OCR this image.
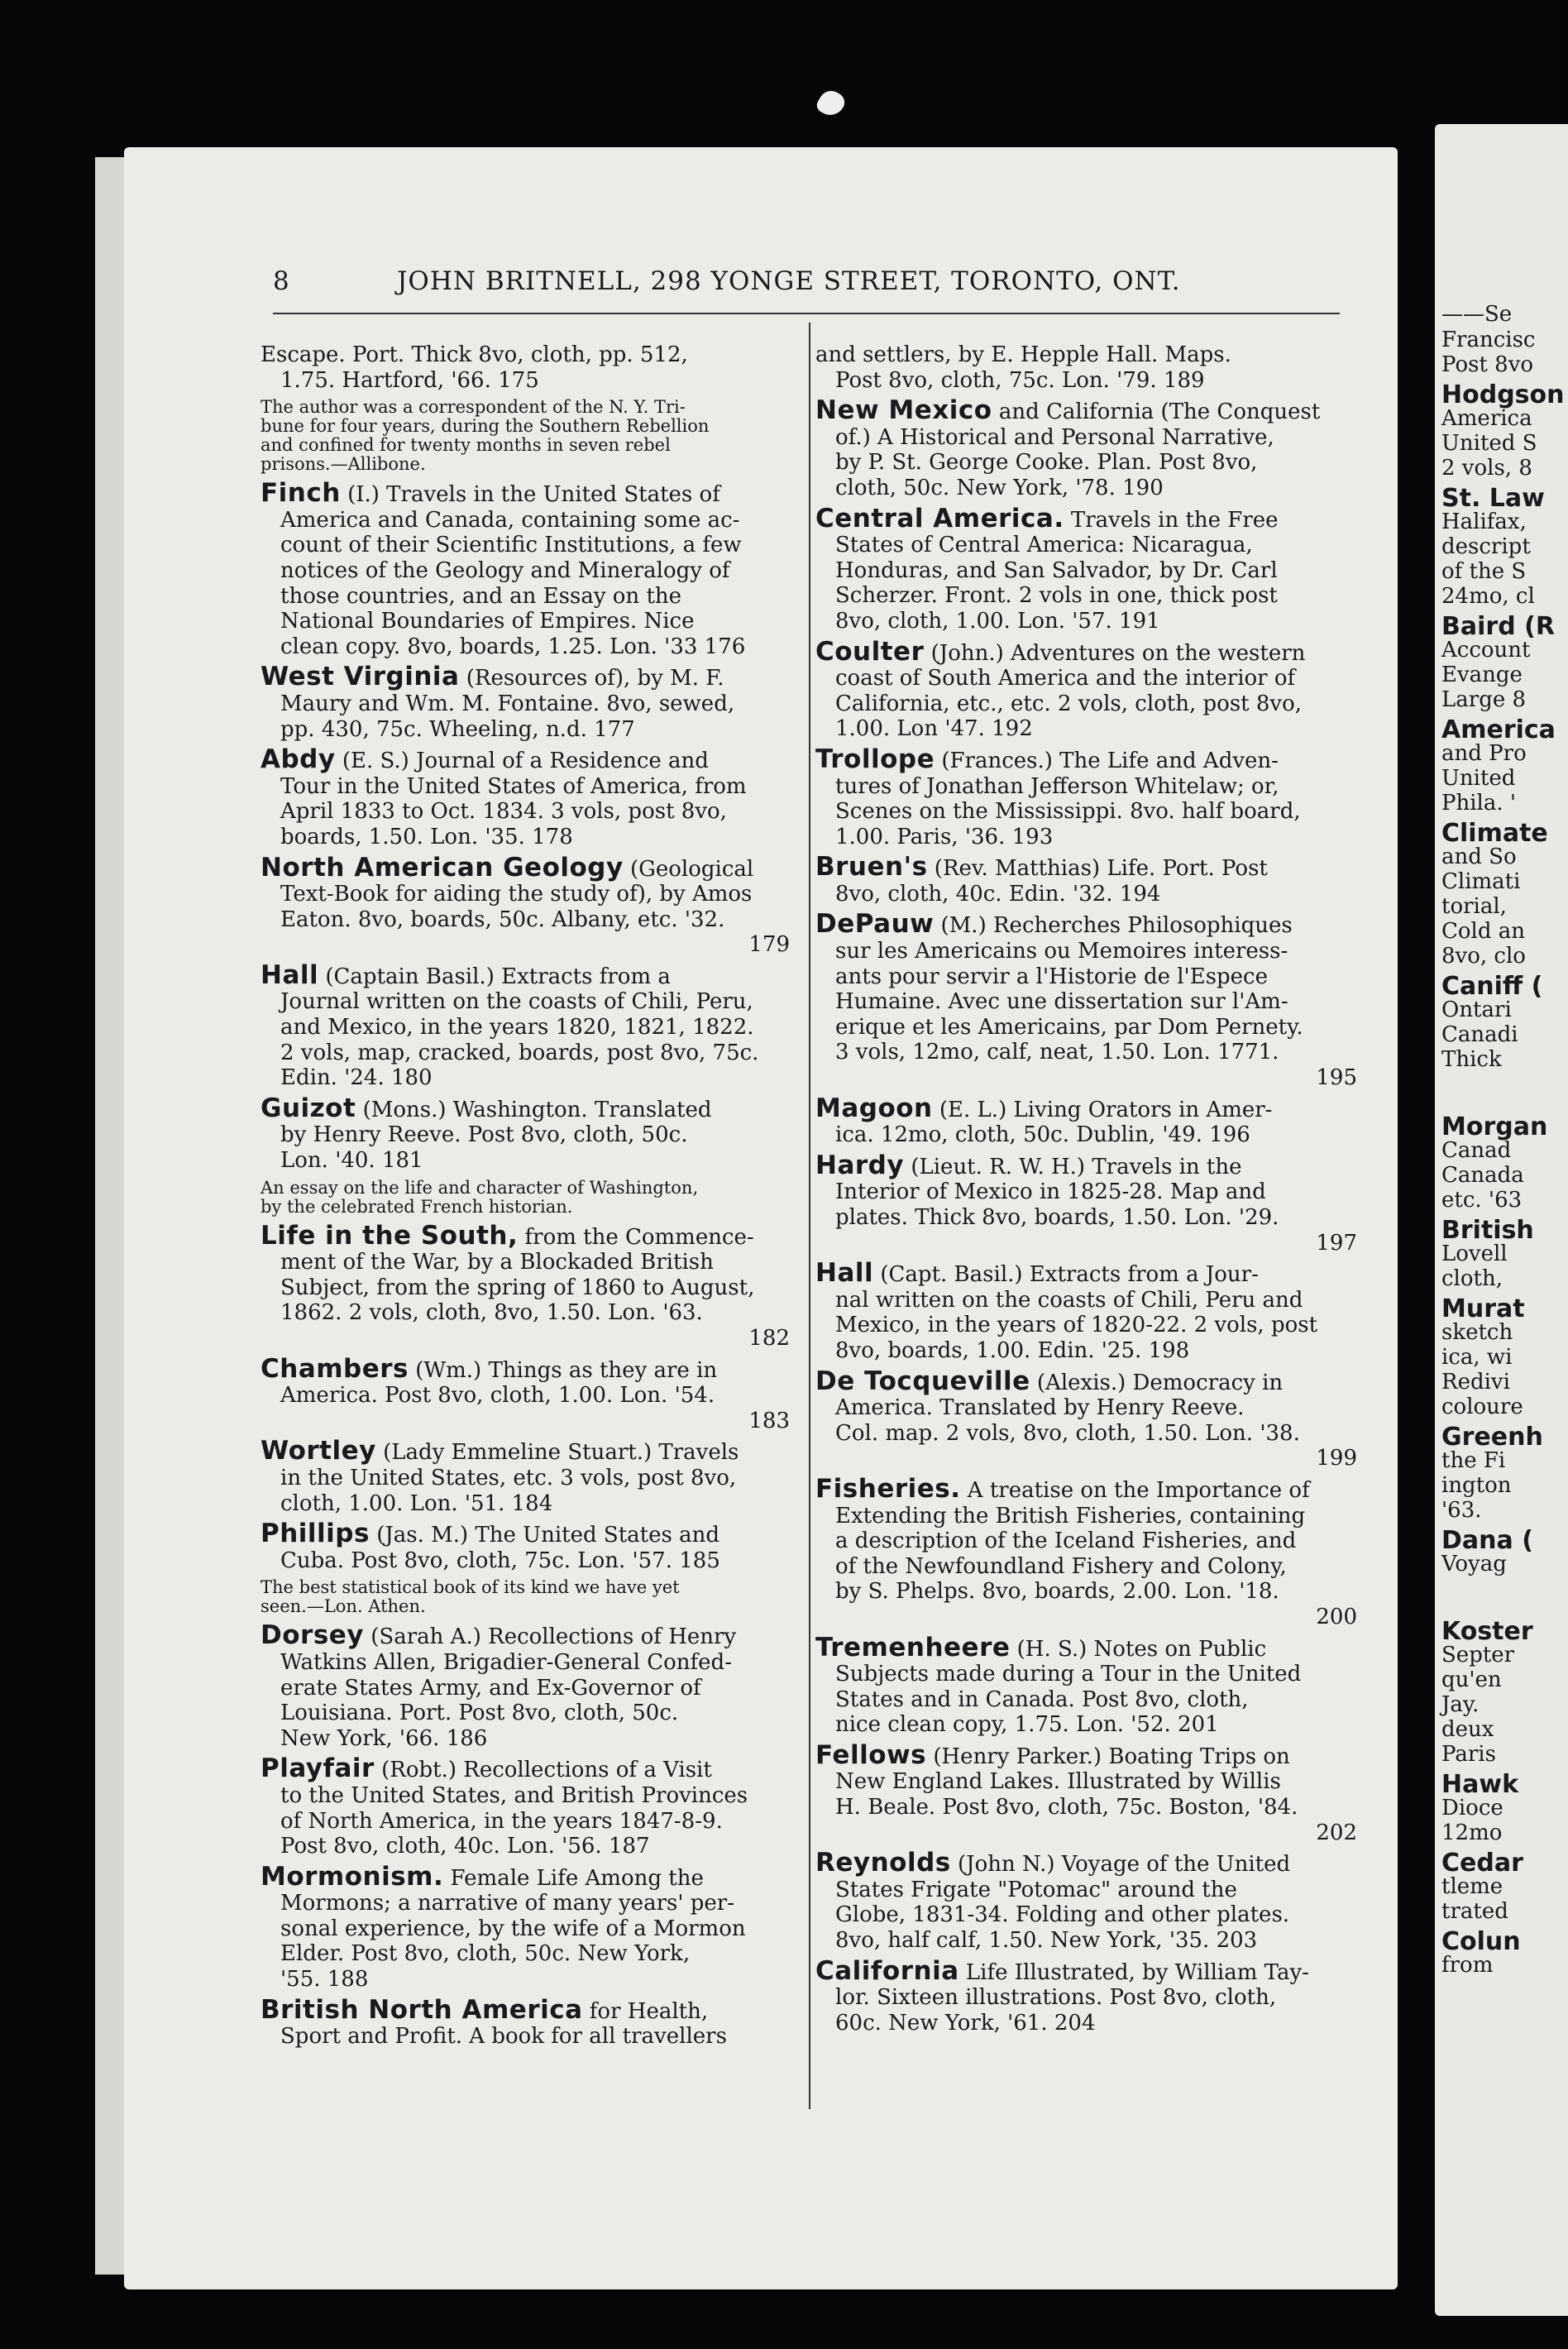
——Se
Francisc
Post 8vo
Hodgson
America
United S
2 vols, 8
St. Law
Halifax,
descript
of the S
24mo, cl
Baird (R
Account
Evange
Large 8
America
and Pro
United
Phila. '
Climate
and So
Climati
torial,
Cold an
8vo, clo
Caniff (
Ontari
Canadi
Thick
Morgan
Canad
Canada
etc. '63
British
Lovell
cloth,
Murat
sketch
ica, wi
Redivi
coloure
Greenh
the Fi
ington
'63.
Dana (
Voyag
Koster
Septer
qu'en
Jay.
deux
Paris
Hawk
Dioce
12mo
Cedar
tleme
trated
Colun
from
8	JOHN BRITNELL, 298 YONGE STREET, TORONTO, ONT.
Escape. Port. Thick 8vo, cloth, pp. 512,
1.75. Hartford, '66. 175
The author was a correspondent of the N. Y. Tri-
bune for four years, during the Southern Rebellion
and confined for twenty months in seven rebel
prisons.—Allibone.
Finch (I.) Travels in the United States of
America and Canada, containing some ac-
count of their Scientific Institutions, a few
notices of the Geology and Mineralogy of
those countries, and an Essay on the
National Boundaries of Empires. Nice
clean copy. 8vo, boards, 1.25. Lon. '33 176
West Virginia (Resources of), by M. F.
Maury and Wm. M. Fontaine. 8vo, sewed,
pp. 430, 75c. Wheeling, n.d. 177
Abdy (E. S.) Journal of a Residence and
Tour in the United States of America, from
April 1833 to Oct. 1834. 3 vols, post 8vo,
boards, 1.50. Lon. '35. 178
North American Geology (Geological
Text-Book for aiding the study of), by Amos
Eaton. 8vo, boards, 50c. Albany, etc. '32.
179
Hall (Captain Basil.) Extracts from a
Journal written on the coasts of Chili, Peru,
and Mexico, in the years 1820, 1821, 1822.
2 vols, map, cracked, boards, post 8vo, 75c.
Edin. '24. 180
Guizot (Mons.) Washington. Translated
by Henry Reeve. Post 8vo, cloth, 50c.
Lon. '40. 181
An essay on the life and character of Washington,
by the celebrated French historian.
Life in the South, from the Commence-
ment of the War, by a Blockaded British
Subject, from the spring of 1860 to August,
1862. 2 vols, cloth, 8vo, 1.50. Lon. '63.
182
Chambers (Wm.) Things as they are in
America. Post 8vo, cloth, 1.00. Lon. '54.
183
Wortley (Lady Emmeline Stuart.) Travels
in the United States, etc. 3 vols, post 8vo,
cloth, 1.00. Lon. '51. 184
Phillips (Jas. M.) The United States and
Cuba. Post 8vo, cloth, 75c. Lon. '57. 185
The best statistical book of its kind we have yet
seen.—Lon. Athen.
Dorsey (Sarah A.) Recollections of Henry
Watkins Allen, Brigadier-General Confed-
erate States Army, and Ex-Governor of
Louisiana. Port. Post 8vo, cloth, 50c.
New York, '66. 186
Playfair (Robt.) Recollections of a Visit
to the United States, and British Provinces
of North America, in the years 1847-8-9.
Post 8vo, cloth, 40c. Lon. '56. 187
Mormonism. Female Life Among the
Mormons; a narrative of many years' per-
sonal experience, by the wife of a Mormon
Elder. Post 8vo, cloth, 50c. New York,
'55. 188
British North America for Health,
Sport and Profit. A book for all travellers
and settlers, by E. Hepple Hall. Maps.
Post 8vo, cloth, 75c. Lon. '79. 189
New Mexico and California (The Conquest
of.) A Historical and Personal Narrative,
by P. St. George Cooke. Plan. Post 8vo,
cloth, 50c. New York, '78. 190
Central America. Travels in the Free
States of Central America: Nicaragua,
Honduras, and San Salvador, by Dr. Carl
Scherzer. Front. 2 vols in one, thick post
8vo, cloth, 1.00. Lon. '57. 191
Coulter (John.) Adventures on the western
coast of South America and the interior of
California, etc., etc. 2 vols, cloth, post 8vo,
1.00. Lon '47. 192
Trollope (Frances.) The Life and Adven-
tures of Jonathan Jefferson Whitelaw; or,
Scenes on the Mississippi. 8vo. half board,
1.00. Paris, '36. 193
Bruen's (Rev. Matthias) Life. Port. Post
8vo, cloth, 40c. Edin. '32. 194
DePauw (M.) Recherches Philosophiques
sur les Americains ou Memoires interess-
ants pour servir a l'Historie de l'Espece
Humaine. Avec une dissertation sur l'Am-
erique et les Americains, par Dom Pernety.
3 vols, 12mo, calf, neat, 1.50. Lon. 1771.
195
Magoon (E. L.) Living Orators in Amer-
ica. 12mo, cloth, 50c. Dublin, '49. 196
Hardy (Lieut. R. W. H.) Travels in the
Interior of Mexico in 1825-28. Map and
plates. Thick 8vo, boards, 1.50. Lon. '29.
197
Hall (Capt. Basil.) Extracts from a Jour-
nal written on the coasts of Chili, Peru and
Mexico, in the years of 1820-22. 2 vols, post
8vo, boards, 1.00. Edin. '25. 198
De Tocqueville (Alexis.) Democracy in
America. Translated by Henry Reeve.
Col. map. 2 vols, 8vo, cloth, 1.50. Lon. '38.
199
Fisheries. A treatise on the Importance of
Extending the British Fisheries, containing
a description of the Iceland Fisheries, and
of the Newfoundland Fishery and Colony,
by S. Phelps. 8vo, boards, 2.00. Lon. '18.
200
Tremenheere (H. S.) Notes on Public
Subjects made during a Tour in the United
States and in Canada. Post 8vo, cloth,
nice clean copy, 1.75. Lon. '52. 201
Fellows (Henry Parker.) Boating Trips on
New England Lakes. Illustrated by Willis
H. Beale. Post 8vo, cloth, 75c. Boston, '84.
202
Reynolds (John N.) Voyage of the United
States Frigate "Potomac" around the
Globe, 1831-34. Folding and other plates.
8vo, half calf, 1.50. New York, '35. 203
California Life Illustrated, by William Tay-
lor. Sixteen illustrations. Post 8vo, cloth,
60c. New York, '61. 204
